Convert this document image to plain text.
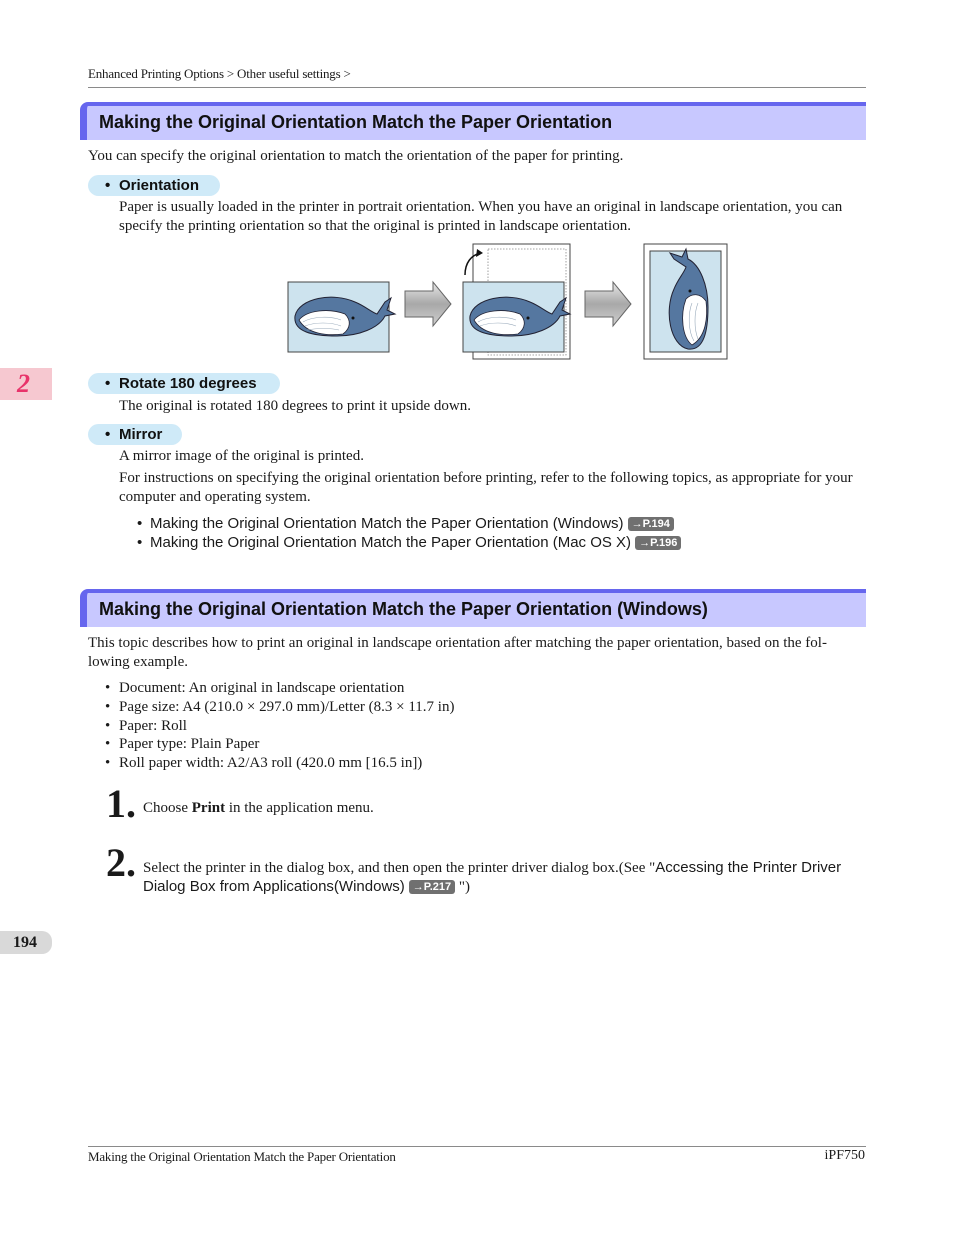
Enhanced Printing Options > Other useful settings >
Making the Original Orientation Match the Paper Orientation
You can specify the original orientation to match the orientation of the paper for printing.
• Orientation
Paper is usually loaded in the printer in portrait orientation. When you have an original in landscape orientation, you can specify the printing orientation so that the original is printed in landscape orientation.
2	• Rotate 180 degrees
The original is rotated 180 degrees to print it upside down.
• Mirror
A mirror image of the original is printed.
For instructions on specifying the original orientation before printing, refer to the following topics, as appropriate for your computer and operating system.
• Making the Original Orientation Match the Paper Orientation (Windows) →P.194
• Making the Original Orientation Match the Paper Orientation (Mac OS X) →P.196
Making the Original Orientation Match the Paper Orientation (Windows)
This topic describes how to print an original in landscape orientation after matching the paper orientation, based on the fol-
lowing example.
• Document: An original in landscape orientation
• Page size: A4 (210.0 × 297.0 mm)/Letter (8.3 × 11.7 in)
• Paper: Roll
• Paper type: Plain Paper
• Roll paper width: A2/A3 roll (420.0 mm [16.5 in])
1. Choose Print in the application menu.
2. Select the printer in the dialog box, and then open the printer driver dialog box.(See "Accessing the Printer Driver
Dialog Box from Applications(Windows) →P.217 ")
194
Making the Original Orientation Match the Paper Orientation	iPF750
